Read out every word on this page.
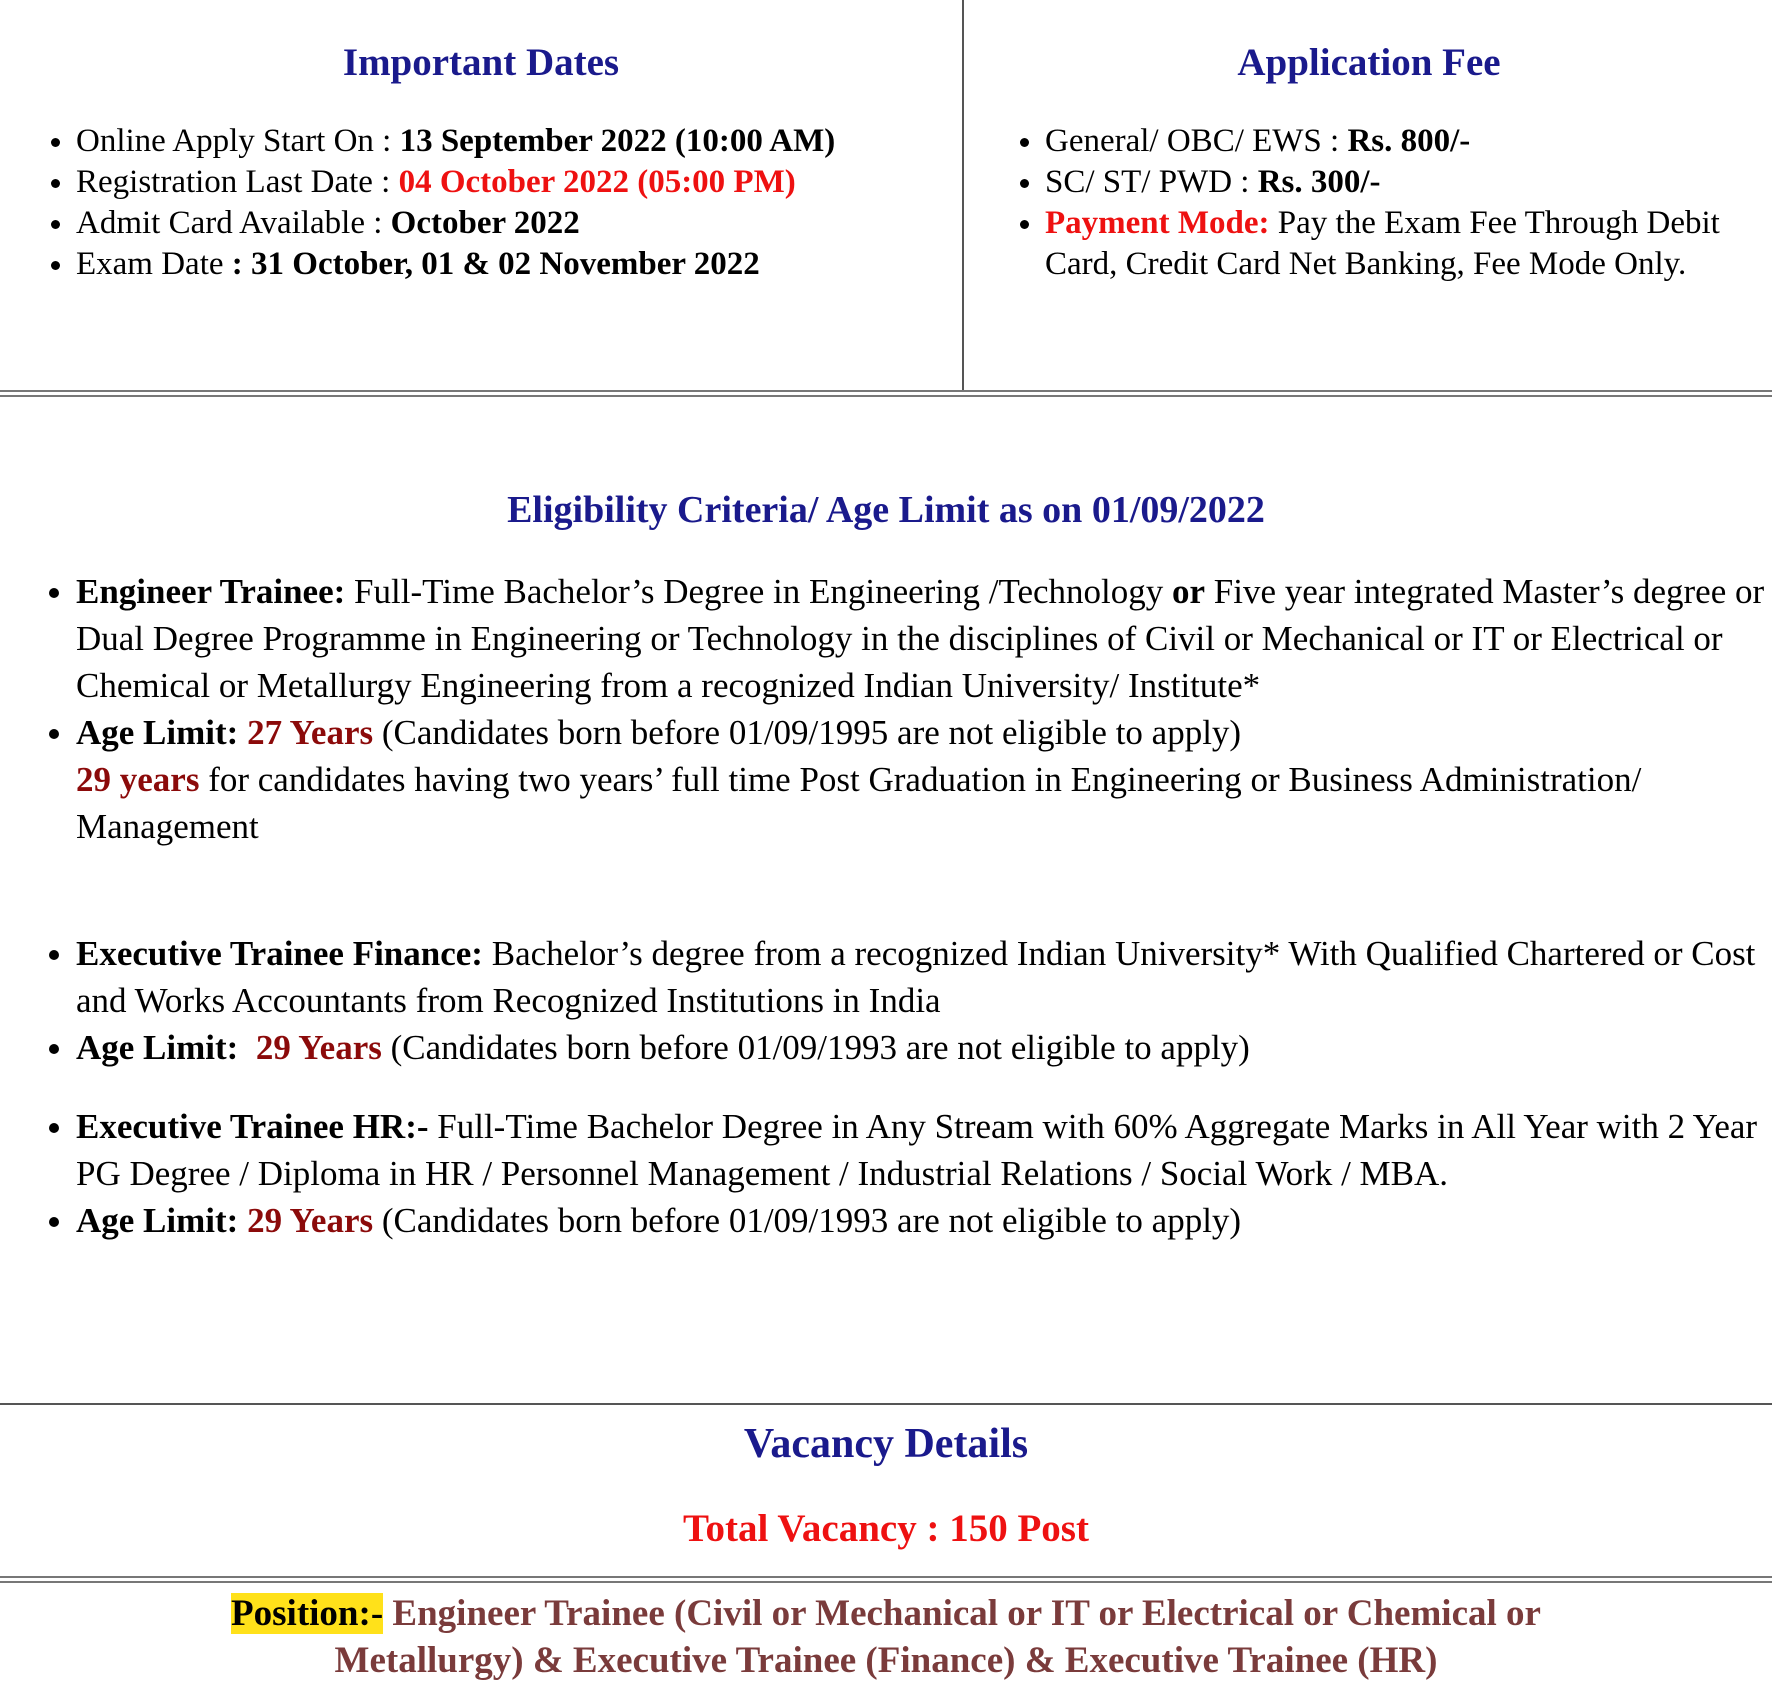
Important Dates
• Online Apply Start On : 13 September 2022 (10:00 AM)
• Registration Last Date : 04 October 2022 (05:00 PM)
• Admit Card Available : October 2022
• Exam Date : 31 October, 01 & 02 November 2022
Application Fee
• General/ OBC/ EWS : Rs. 800/-
• SC/ ST/ PWD : Rs. 300/-
• Payment Mode: Pay the Exam Fee Through Debit Card, Credit Card Net Banking, Fee Mode Only.
Eligibility Criteria/ Age Limit as on 01/09/2022
• Engineer Trainee: Full-Time Bachelor’s Degree in Engineering /Technology or Five year integrated Master’s degree or Dual Degree Programme in Engineering or Technology in the disciplines of Civil or Mechanical or IT or Electrical or Chemical or Metallurgy Engineering from a recognized Indian University/ Institute*
• Age Limit: 27 Years (Candidates born before 01/09/1995 are not eligible to apply)
29 years for candidates having two years’ full time Post Graduation in Engineering or Business Administration/ Management
• Executive Trainee Finance: Bachelor’s degree from a recognized Indian University* With Qualified Chartered or Cost and Works Accountants from Recognized Institutions in India
• Age Limit:  29 Years (Candidates born before 01/09/1993 are not eligible to apply)
• Executive Trainee HR:- Full-Time Bachelor Degree in Any Stream with 60% Aggregate Marks in All Year with 2 Year PG Degree / Diploma in HR / Personnel Management / Industrial Relations / Social Work / MBA.
• Age Limit: 29 Years (Candidates born before 01/09/1993 are not eligible to apply)
Vacancy Details
Total Vacancy : 150 Post
Position:- Engineer Trainee (Civil or Mechanical or IT or Electrical or Chemical or Metallurgy) & Executive Trainee (Finance) & Executive Trainee (HR)
